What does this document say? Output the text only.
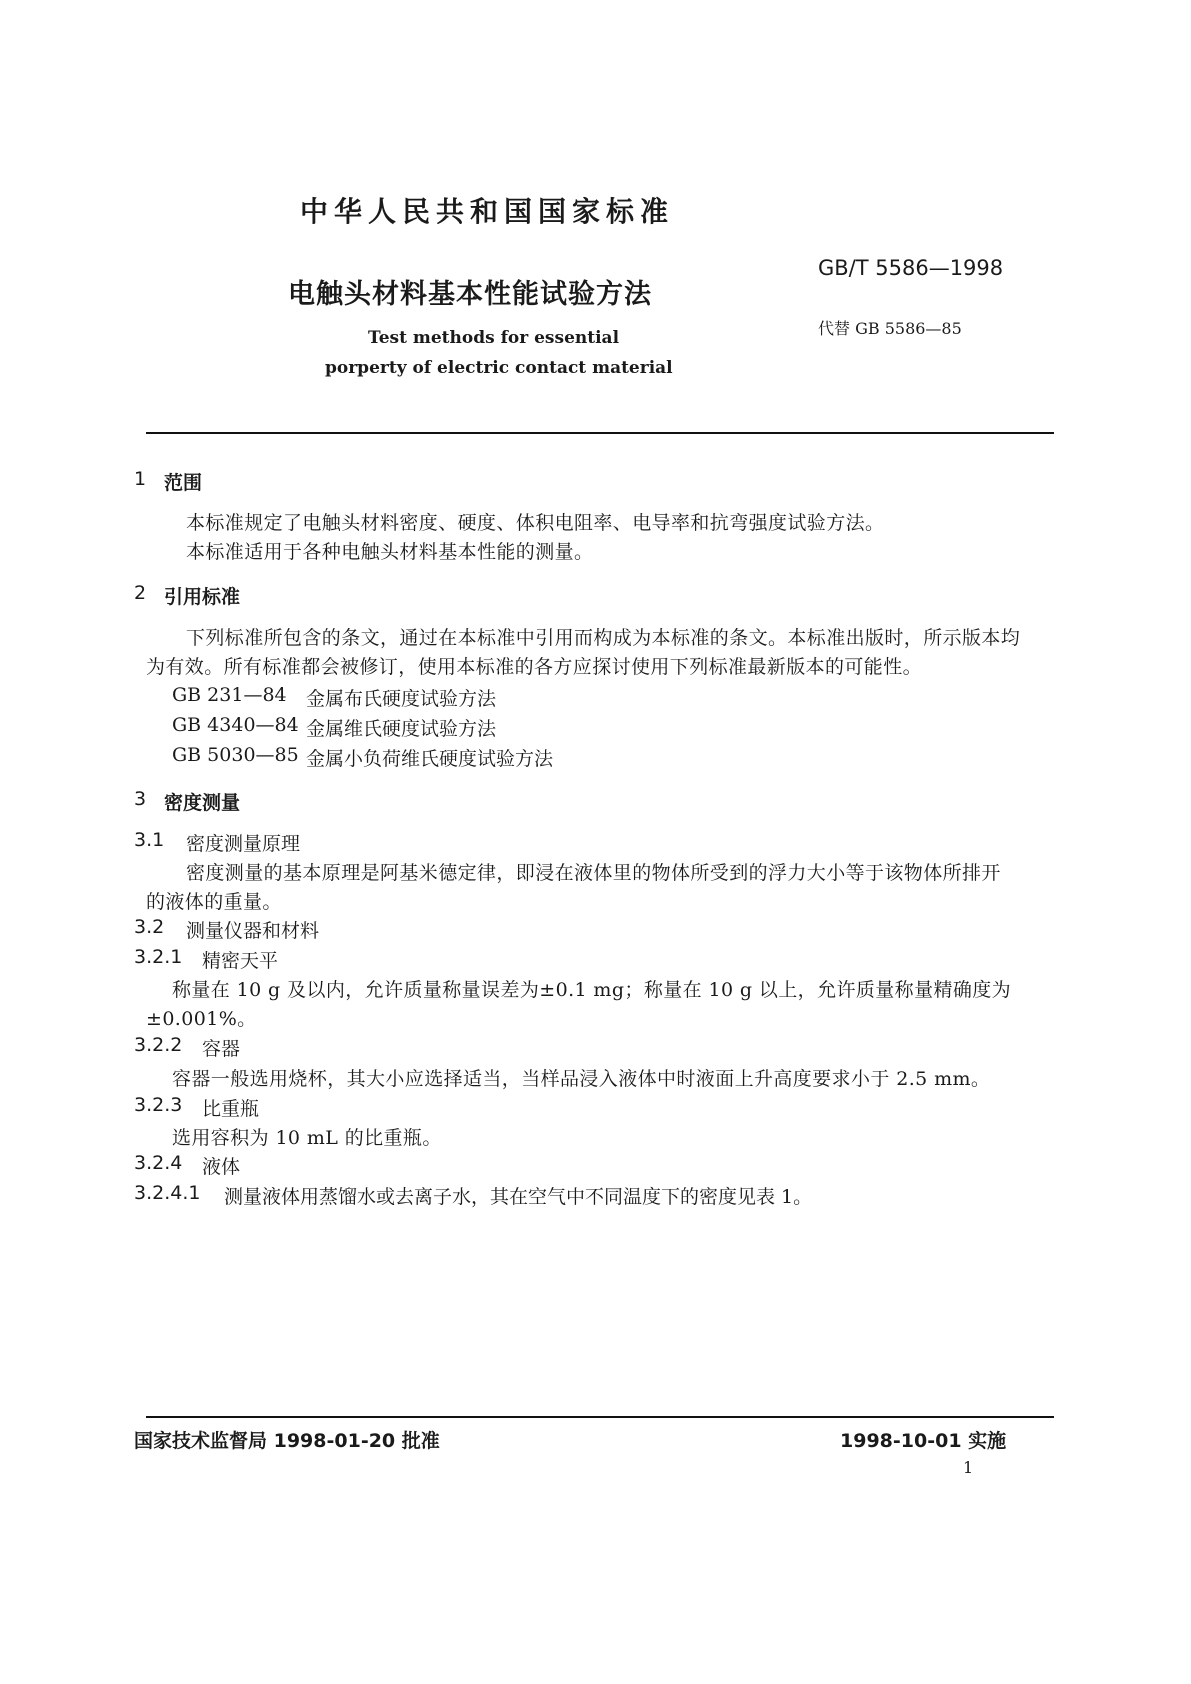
中华人民共和国国家标准
GB/T 5586—1998
电触头材料基本性能试验方法
代替 GB 5586—85
Test methods for essential
porperty of electric contact material
1 范围
本标准规定了电触头材料密度、硬度、体积电阻率、电导率和抗弯强度试验方法。
本标准适用于各种电触头材料基本性能的测量。
2 引用标准
下列标准所包含的条文，通过在本标准中引用而构成为本标准的条文。本标准出版时，所示版本均
为有效。所有标准都会被修订，使用本标准的各方应探讨使用下列标准最新版本的可能性。
GB 231—84 金属布氏硬度试验方法
GB 4340—84 金属维氏硬度试验方法
GB 5030—85 金属小负荷维氏硬度试验方法
3 密度测量
3.1 密度测量原理
密度测量的基本原理是阿基米德定律，即浸在液体里的物体所受到的浮力大小等于该物体所排开
的液体的重量。
3.2 测量仪器和材料
3.2.1 精密天平
称量在 10 g 及以内，允许质量称量误差为±0.1 mg；称量在 10 g 以上，允许质量称量精确度为
±0.001%。
3.2.2 容器
容器一般选用烧杯，其大小应选择适当，当样品浸入液体中时液面上升高度要求小于 2.5 mm。
3.2.3 比重瓶
选用容积为 10 mL 的比重瓶。
3.2.4 液体
3.2.4.1 测量液体用蒸馏水或去离子水，其在空气中不同温度下的密度见表 1。
国家技术监督局 1998-01-20 批准	1998-10-01 实施
1
